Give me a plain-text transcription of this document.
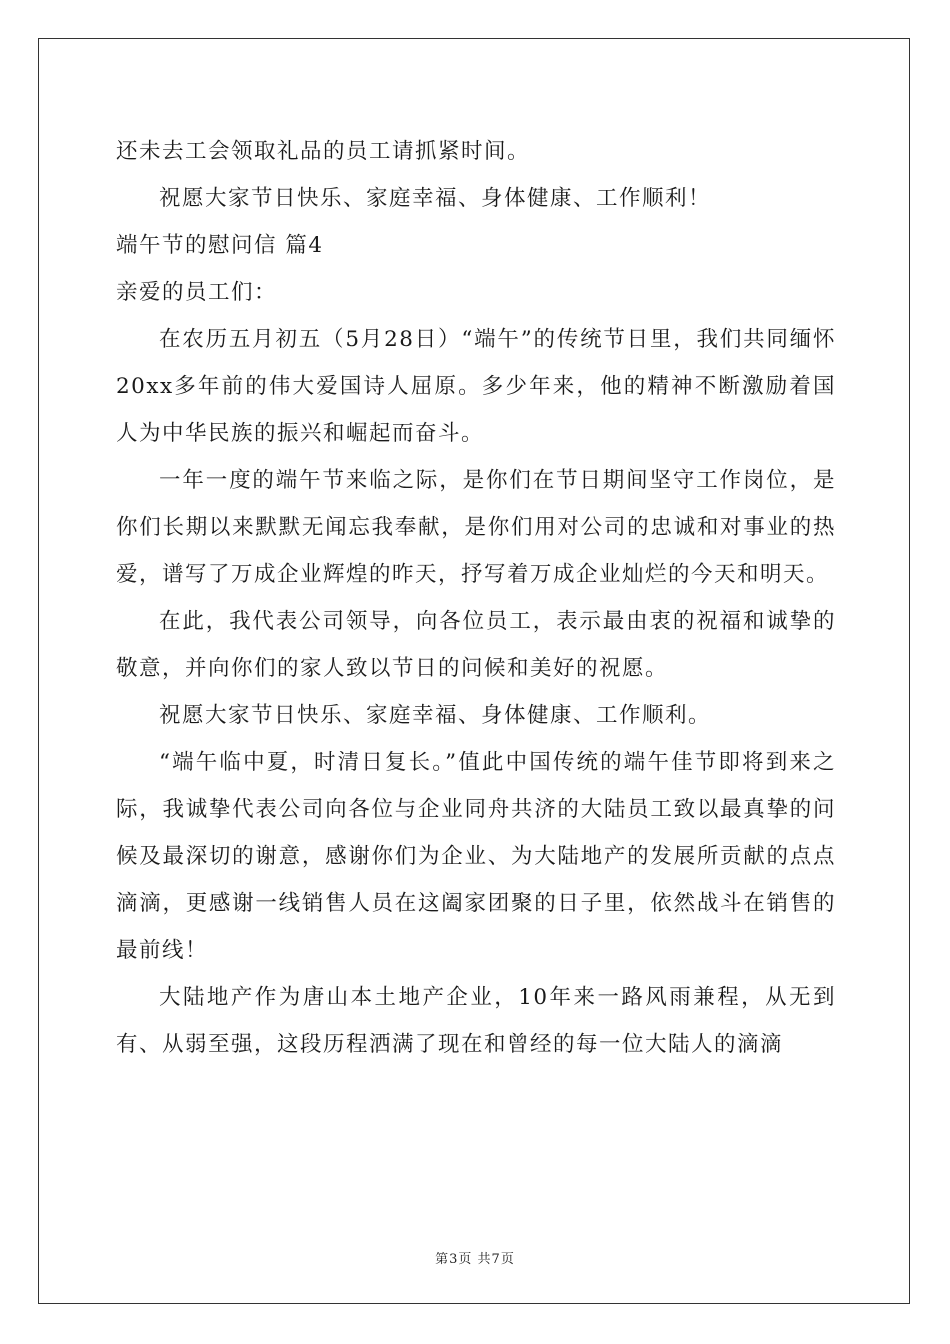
还未去工会领取礼品的员工请抓紧时间。
祝愿大家节日快乐、家庭幸福、身体健康、工作顺利！
端午节的慰问信 篇4
亲爱的员工们：

在农历五月初五（5月28日）“端午”的传统节日里，我们共同缅怀20xx多年前的伟大爱国诗人屈原。多少年来，他的精神不断激励着国人为中华民族的振兴和崛起而奋斗。

一年一度的端午节来临之际，是你们在节日期间坚守工作岗位，是你们长期以来默默无闻忘我奉献，是你们用对公司的忠诚和对事业的热爱，谱写了万成企业辉煌的昨天，抒写着万成企业灿烂的今天和明天。

在此，我代表公司领导，向各位员工，表示最由衷的祝福和诚挚的敬意，并向你们的家人致以节日的问候和美好的祝愿。

祝愿大家节日快乐、家庭幸福、身体健康、工作顺利。

“端午临中夏，时清日复长。”值此中国传统的端午佳节即将到来之际，我诚挚代表公司向各位与企业同舟共济的大陆员工致以最真挚的问候及最深切的谢意，感谢你们为企业、为大陆地产的发展所贡献的点点滴滴，更感谢一线销售人员在这阖家团聚的日子里，依然战斗在销售的最前线！

大陆地产作为唐山本土地产企业，10年来一路风雨兼程，从无到有、从弱至强，这段历程洒满了现在和曾经的每一位大陆人的滴滴

第3页 共7页
